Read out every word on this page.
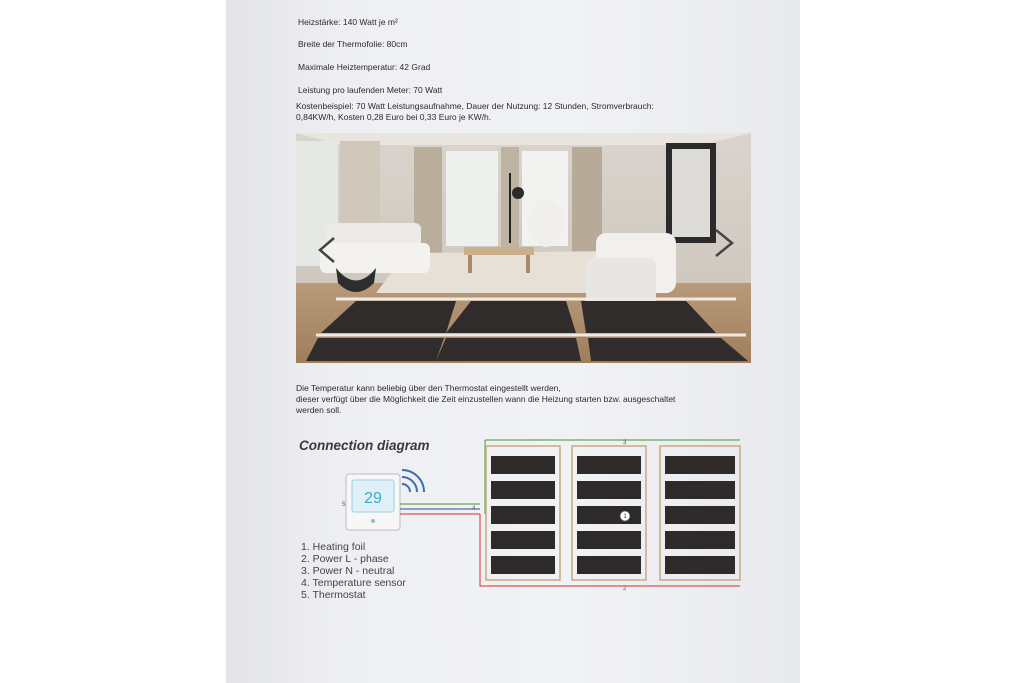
Heizstärke: 140 Watt je m²
Breite der Thermofolie: 80cm
Maximale Heiztemperatur: 42 Grad
Leistung pro laufenden Meter: 70 Watt
Kostenbeispiel: 70 Watt Leistungsaufnahme, Dauer der Nutzung: 12 Stunden, Stromverbrauch:
0,84KW/h, Kosten 0,28 Euro bei 0,33 Euro je KW/h.
Die Temperatur kann beliebig über den Thermostat eingestellt werden,
dieser verfügt über die Möglichkeit die Zeit einzustellen wann die Heizung starten bzw. ausgeschaltet
werden soll.
Connection diagram
29
5
4
3
2
1
1. Heating foil
2. Power L - phase
3. Power N - neutral
4. Temperature sensor
5. Thermostat
